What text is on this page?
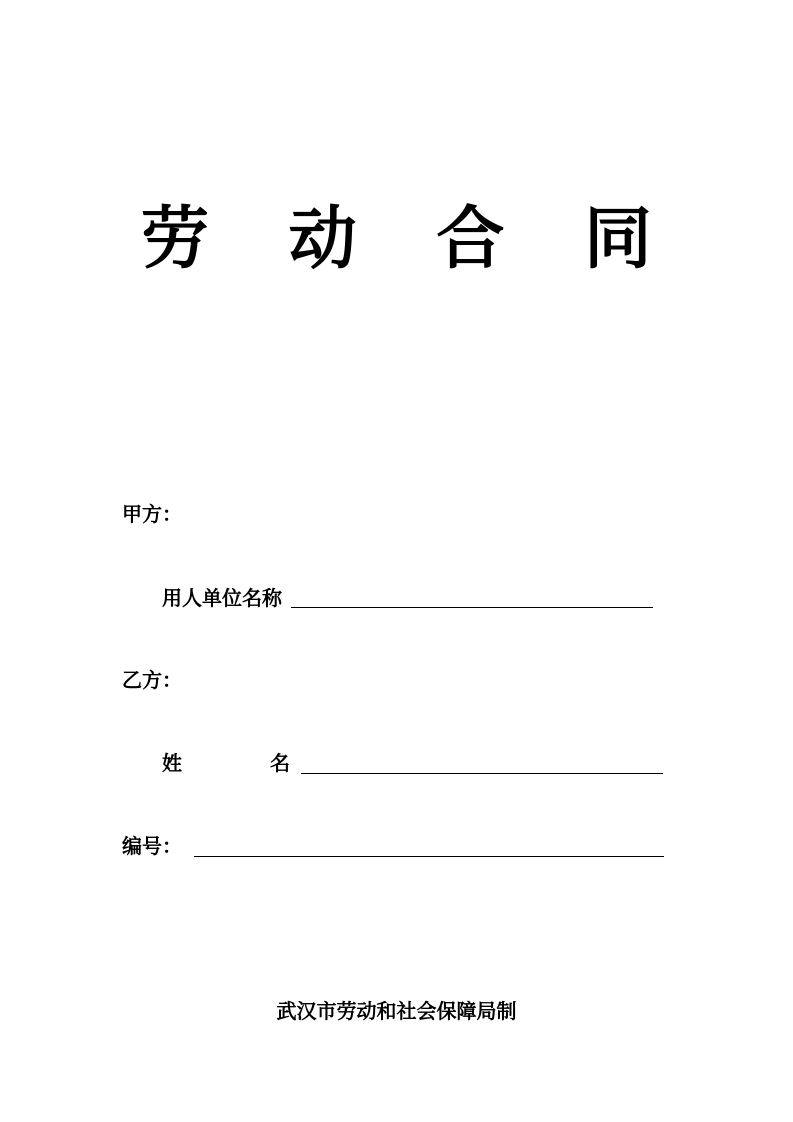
劳 动 合 同
甲方：
用人单位名称
乙方：
姓	名
编号：
武汉市劳动和社会保障局制
